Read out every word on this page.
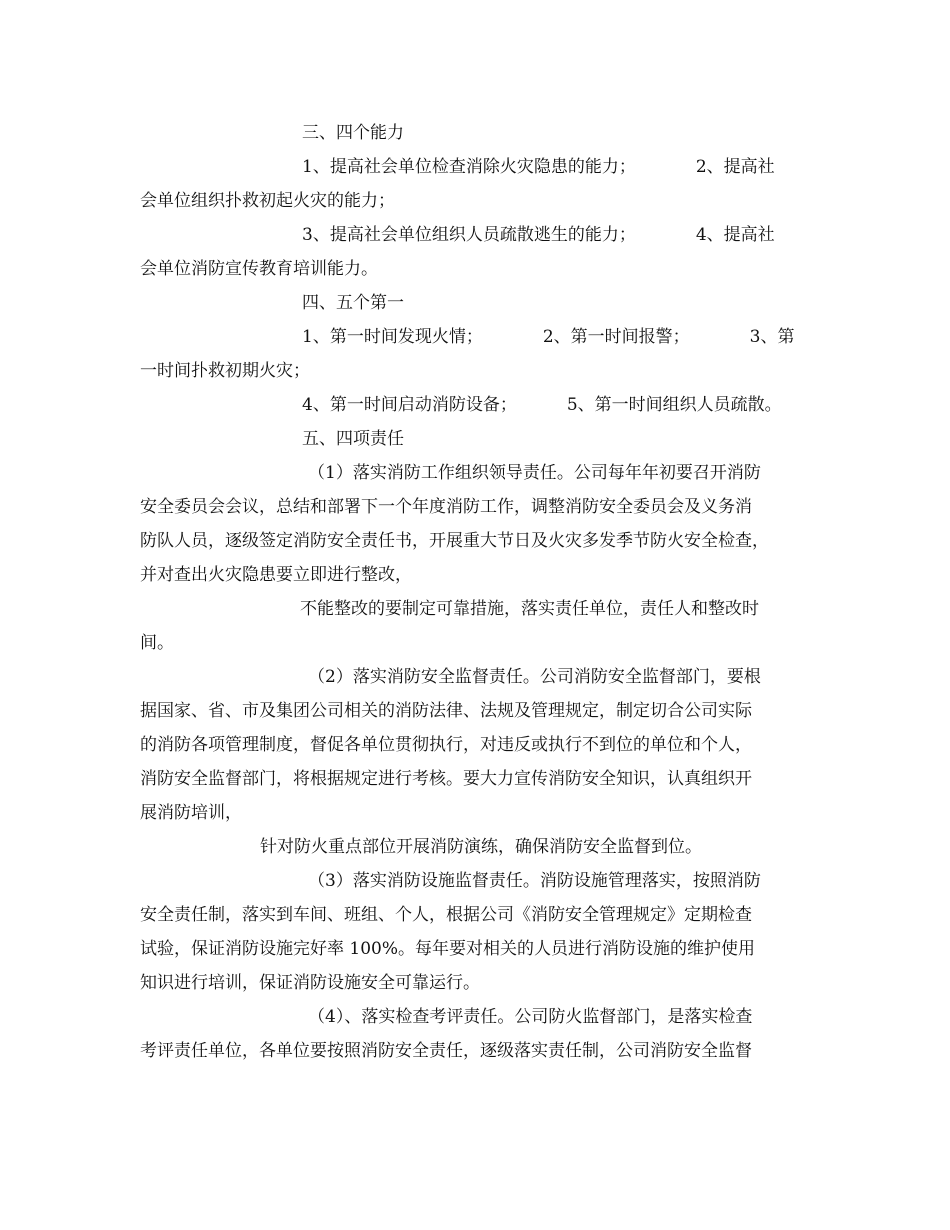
三、四个能力
1、提高社会单位检查消除火灾隐患的能力；	2、提高社
会单位组织扑救初起火灾的能力；
3、提高社会单位组织人员疏散逃生的能力；	4、提高社
会单位消防宣传教育培训能力。
四、五个第一
1、第一时间发现火情；	2、第一时间报警；	3、第
一时间扑救初期火灾；
4、第一时间启动消防设备；	5、第一时间组织人员疏散。
五、四项责任
（1）落实消防工作组织领导责任。公司每年年初要召开消防
安全委员会会议，总结和部署下一个年度消防工作，调整消防安全委员会及义务消
防队人员，逐级签定消防安全责任书，开展重大节日及火灾多发季节防火安全检查，
并对查出火灾隐患要立即进行整改，
不能整改的要制定可靠措施，落实责任单位，责任人和整改时
间。
（2）落实消防安全监督责任。公司消防安全监督部门，要根
据国家、省、市及集团公司相关的消防法律、法规及管理规定，制定切合公司实际
的消防各项管理制度，督促各单位贯彻执行，对违反或执行不到位的单位和个人，
消防安全监督部门，将根据规定进行考核。要大力宣传消防安全知识，认真组织开
展消防培训，
针对防火重点部位开展消防演练，确保消防安全监督到位。
（3）落实消防设施监督责任。消防设施管理落实，按照消防
安全责任制，落实到车间、班组、个人，根据公司《消防安全管理规定》定期检查
试验，保证消防设施完好率 100%。每年要对相关的人员进行消防设施的维护使用
知识进行培训，保证消防设施安全可靠运行。
（4）、落实检查考评责任。公司防火监督部门，是落实检查
考评责任单位，各单位要按照消防安全责任，逐级落实责任制，公司消防安全监督
